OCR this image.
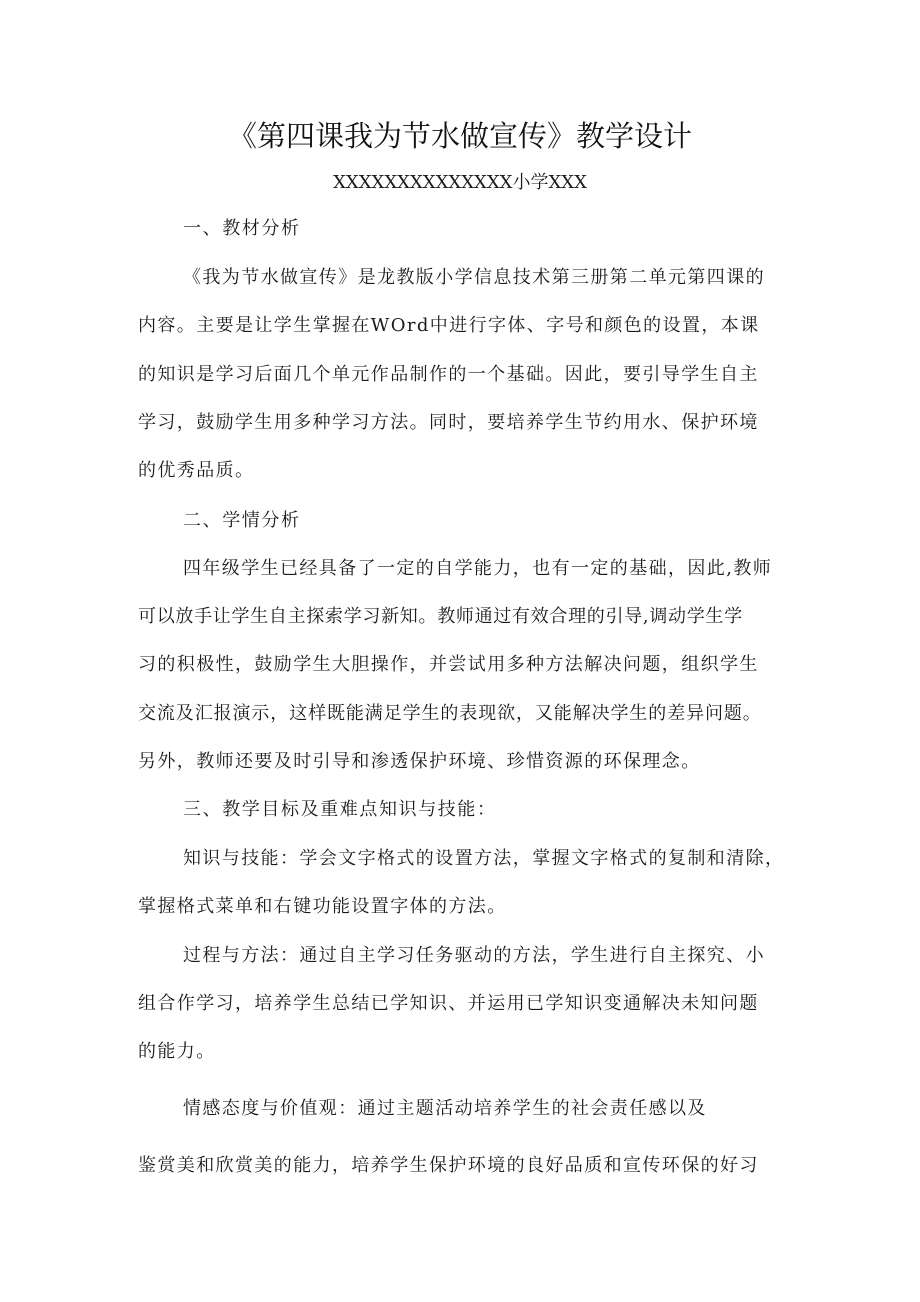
《第四课我为节水做宣传》教学设计
XXXXXXXXXXXXXX小学XXX
一、教材分析
《我为节水做宣传》是龙教版小学信息技术第三册第二单元第四课的
内容。主要是让学生掌握在WOrd中进行字体、字号和颜色的设置，本课
的知识是学习后面几个单元作品制作的一个基础。因此，要引导学生自主
学习，鼓励学生用多种学习方法。同时，要培养学生节约用水、保护环境
的优秀品质。
二、学情分析
四年级学生已经具备了一定的自学能力，也有一定的基础，因此,教师
可以放手让学生自主探索学习新知。教师通过有效合理的引导,调动学生学
习的积极性，鼓励学生大胆操作，并尝试用多种方法解决问题，组织学生
交流及汇报演示，这样既能满足学生的表现欲，又能解决学生的差异问题。
另外，教师还要及时引导和渗透保护环境、珍惜资源的环保理念。
三、教学目标及重难点知识与技能：
知识与技能：学会文字格式的设置方法，掌握文字格式的复制和清除，
掌握格式菜单和右键功能设置字体的方法。
过程与方法：通过自主学习任务驱动的方法，学生进行自主探究、小
组合作学习，培养学生总结已学知识、并运用已学知识变通解决未知问题
的能力。
情感态度与价值观：通过主题活动培养学生的社会责任感以及
鉴赏美和欣赏美的能力，培养学生保护环境的良好品质和宣传环保的好习
